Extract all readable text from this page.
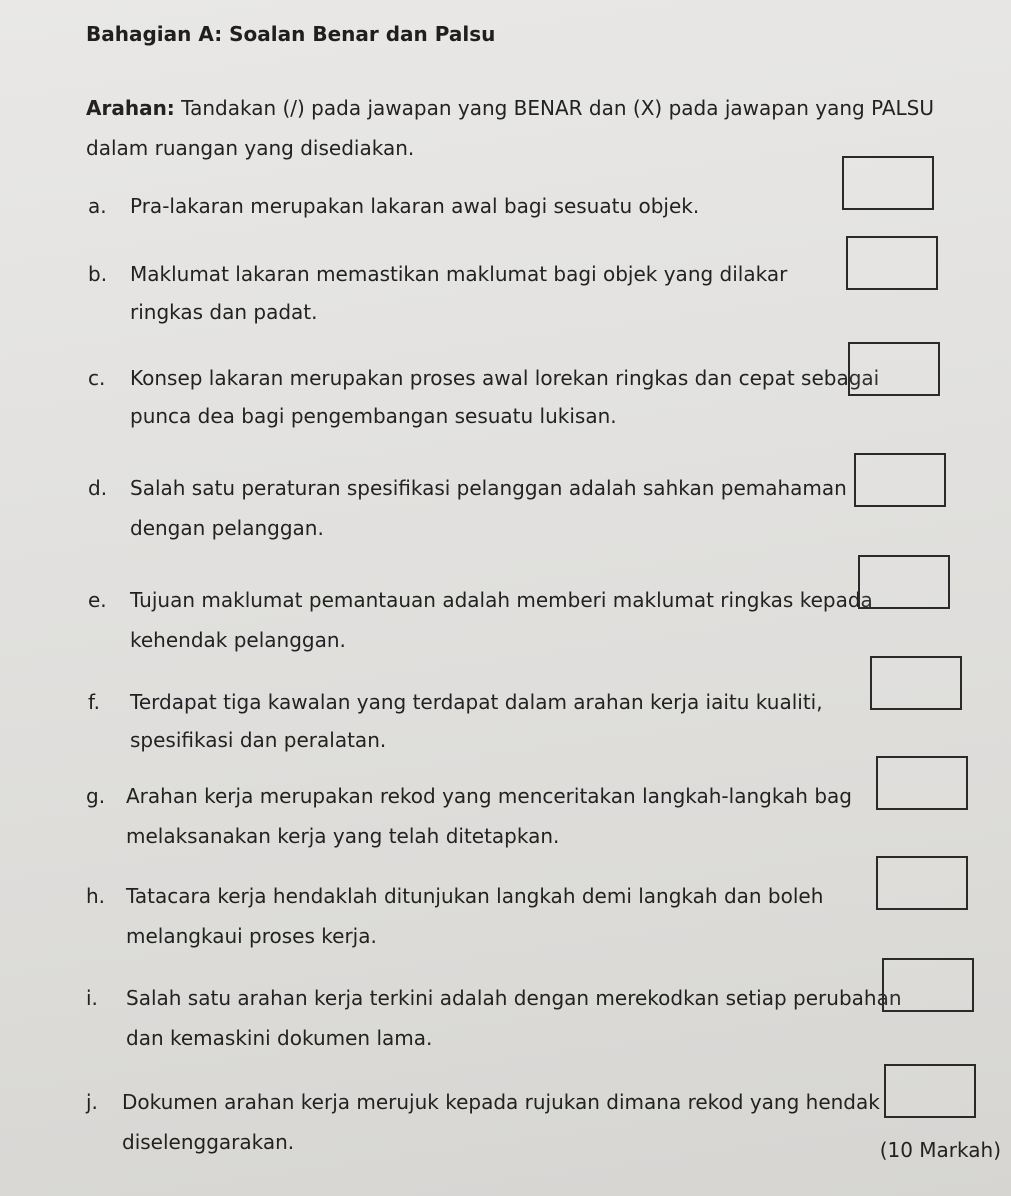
Bahagian A: Soalan Benar dan Palsu
Arahan: Tandakan (/) pada jawapan yang BENAR dan (X) pada jawapan yang PALSU dalam ruangan yang disediakan.
a. Pra-lakaran merupakan lakaran awal bagi sesuatu objek.
b. Maklumat lakaran memastikan maklumat bagi objek yang dilakar
ringkas dan padat.
c. Konsep lakaran merupakan proses awal lorekan ringkas dan cepat sebagai
punca dea bagi pengembangan sesuatu lukisan.
d. Salah satu peraturan spesifikasi pelanggan adalah sahkan pemahaman
dengan pelanggan.
e. Tujuan maklumat pemantauan adalah memberi maklumat ringkas kepada
kehendak pelanggan.
f. Terdapat tiga kawalan yang terdapat dalam arahan kerja iaitu kualiti,
spesifikasi dan peralatan.
g. Arahan kerja merupakan rekod yang menceritakan langkah-langkah bag
melaksanakan kerja yang telah ditetapkan.
h. Tatacara kerja hendaklah ditunjukan langkah demi langkah dan boleh
melangkaui proses kerja.
i. Salah satu arahan kerja terkini adalah dengan merekodkan setiap perubahan
dan kemaskini dokumen lama.
j. Dokumen arahan kerja merujuk kepada rujukan dimana rekod yang hendak
diselenggarakan.	(10 Markah)
